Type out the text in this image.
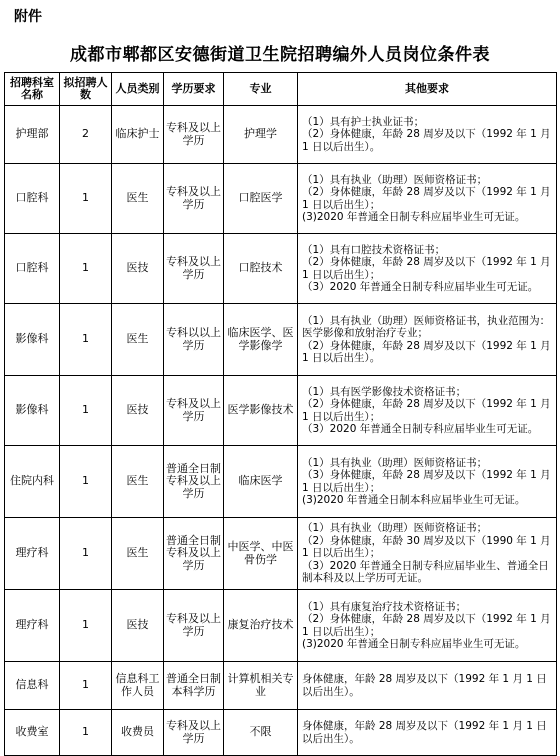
附件
成都市郫都区安德街道卫生院招聘编外人员岗位条件表
招聘科室名称	拟招聘人数	人员类别	学历要求	专业	其他要求
护理部	2	临床护士	专科及以上学历	护理学	（1）具有护士执业证书；
（2）身体健康，年龄 28 周岁及以下（1992 年 1 月 1 日以后出生）。

口腔科	1	医生	专科及以上学历	口腔医学	（1）具有执业（助理）医师资格证书；
（2）身体健康，年龄 28 周岁及以下（1992 年 1 月 1 日以后出生）；
(3)2020 年普通全日制专科应届毕业生可无证。

口腔科	1	医技	专科及以上学历	口腔技术	（1）具有口腔技术资格证书；
（2）身体健康，年龄 28 周岁及以下（1992 年 1 月 1 日以后出生）；
（3）2020 年普通全日制专科应届毕业生可无证。

影像科	1	医生	专科以以上学历	临床医学、医学影像学	（1）具有执业（助理）医师资格证书，执业范围为：医学影像和放射治疗专业；
（2）身体健康，年龄 28 周岁及以下（1992 年 1 月 1 日以后出生）。

影像科	1	医技	专科及以上学历	医学影像技术	（1）具有医学影像技术资格证书；
（2）身体健康，年龄 28 周岁及以下（1992 年 1 月 1 日以后出生）；
（3）2020 年普通全日制专科应届毕业生可无证。

住院内科	1	医生	普通全日制专科及以上学历	临床医学	（1）具有执业（助理）医师资格证书；
（3）身体健康，年龄 28 周岁及以下（1992 年 1 月 1 日以后出生）；
(3)2020 年普通全日制本科应届毕业生可无证。

理疗科	1	医生	普通全日制专科及以上学历	中医学、中医骨伤学	（1）具有执业（助理）医师资格证书；
（2）身体健康，年龄 30 周岁及以下（1990 年 1 月 1 日以后出生）；
（3）2020 年普通全日制专科应届毕业生、普通全日制本科及以上学历可无证。

理疗科	1	医技	专科及以上学历	康复治疗技术	（1）具有康复治疗技术资格证书；
（2）身体健康，年龄 28 周岁及以下（1992 年 1 月 1 日以后出生）；
(3)2020 年普通全日制专科应届毕业生可无证。

信息科	1	信息科工作人员	普通全日制本科学历	计算机相关专业	身体健康，年龄 28 周岁及以下（1992 年 1 月 1 日以后出生）。

收费室	1	收费员	专科及以上学历	不限	身体健康，年龄 28 周岁及以下（1992 年 1 月 1 日以后出生）。
